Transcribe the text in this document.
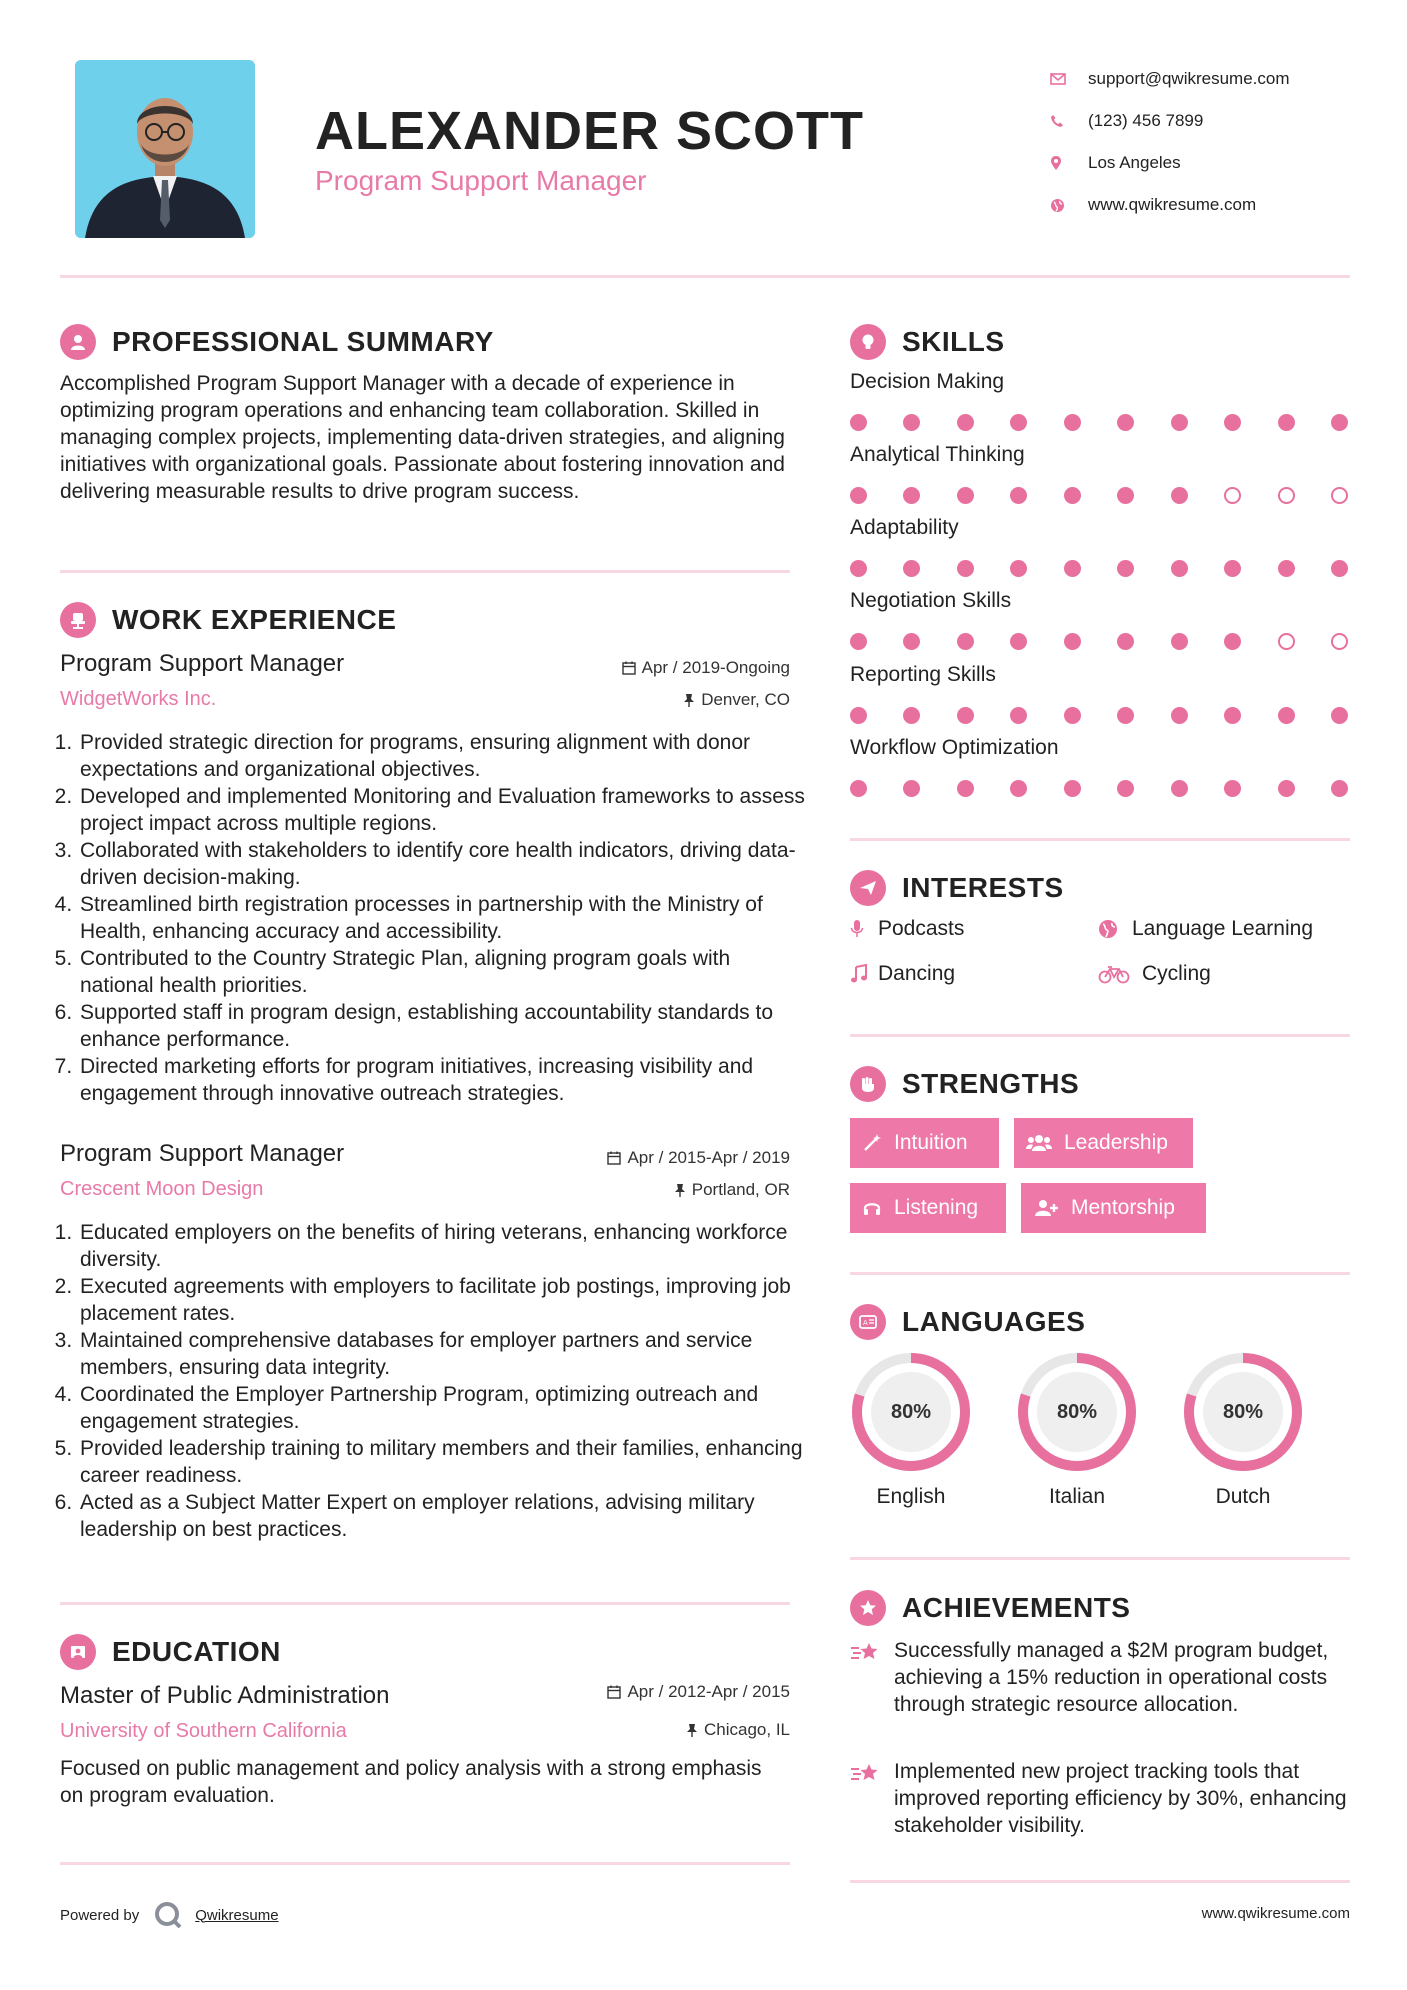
ALEXANDER SCOTT
Program Support Manager
support@qwikresume.com
(123) 456 7899
Los Angeles
www.qwikresume.com
PROFESSIONAL SUMMARY
Accomplished Program Support Manager with a decade of experience in optimizing program operations and enhancing team collaboration. Skilled in managing complex projects, implementing data-driven strategies, and aligning initiatives with organizational goals. Passionate about fostering innovation and delivering measurable results to drive program success.
WORK EXPERIENCE
Program Support Manager
WidgetWorks Inc.
Apr / 2019-Ongoing
Denver, CO
1. Provided strategic direction for programs, ensuring alignment with donor expectations and organizational objectives.
2. Developed and implemented Monitoring and Evaluation frameworks to assess project impact across multiple regions.
3. Collaborated with stakeholders to identify core health indicators, driving data-driven decision-making.
4. Streamlined birth registration processes in partnership with the Ministry of Health, enhancing accuracy and accessibility.
5. Contributed to the Country Strategic Plan, aligning program goals with national health priorities.
6. Supported staff in program design, establishing accountability standards to enhance performance.
7. Directed marketing efforts for program initiatives, increasing visibility and engagement through innovative outreach strategies.
Program Support Manager
Crescent Moon Design
Apr / 2015-Apr / 2019
Portland, OR
1. Educated employers on the benefits of hiring veterans, enhancing workforce diversity.
2. Executed agreements with employers to facilitate job postings, improving job placement rates.
3. Maintained comprehensive databases for employer partners and service members, ensuring data integrity.
4. Coordinated the Employer Partnership Program, optimizing outreach and engagement strategies.
5. Provided leadership training to military members and their families, enhancing career readiness.
6. Acted as a Subject Matter Expert on employer relations, advising military leadership on best practices.
EDUCATION
Master of Public Administration
University of Southern California
Apr / 2012-Apr / 2015
Chicago, IL
Focused on public management and policy analysis with a strong emphasis on program evaluation.
SKILLS
Decision Making
Analytical Thinking
Adaptability
Negotiation Skills
Reporting Skills
Workflow Optimization
INTERESTS
Podcasts	Language Learning
Dancing	Cycling
STRENGTHS
Intuition	Leadership
Listening	Mentorship
A LANGUAGES
80%
English
80%
Italian
80%
Dutch
ACHIEVEMENTS
Successfully managed a $2M program budget, achieving a 15% reduction in operational costs through strategic resource allocation.
Implemented new project tracking tools that improved reporting efficiency by 30%, enhancing stakeholder visibility.
Powered by	Qwikresume	www.qwikresume.com
